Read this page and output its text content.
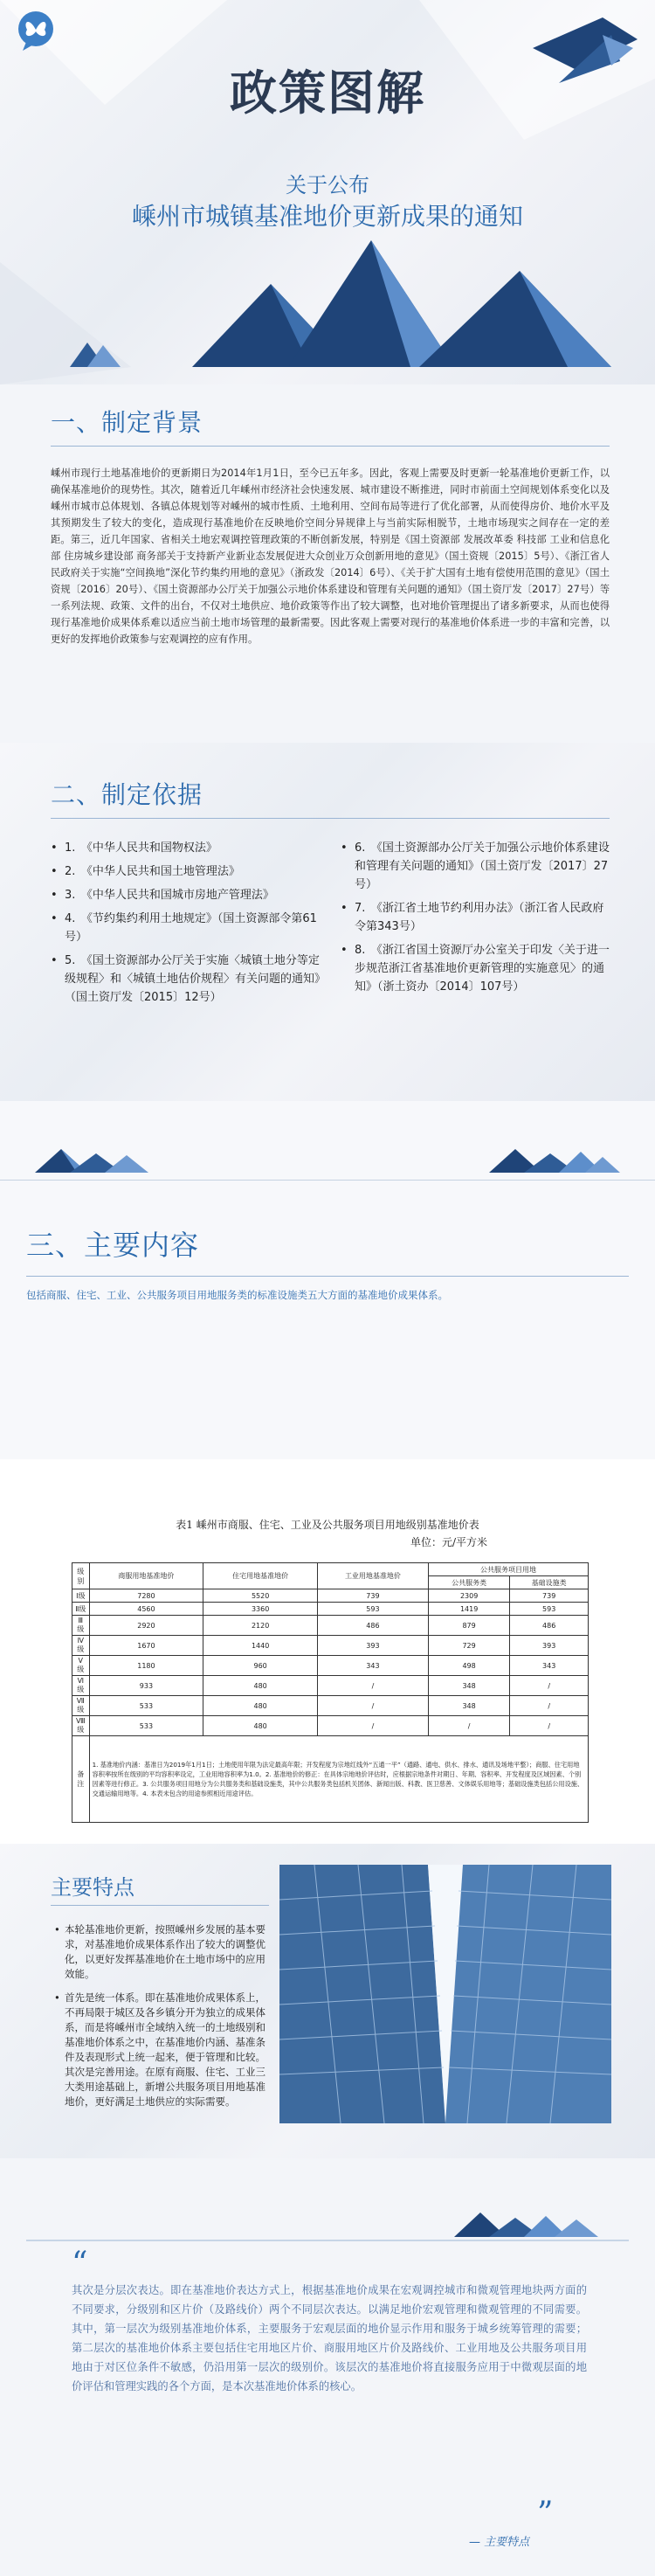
政策图解
关于公布
嵊州市城镇基准地价更新成果的通知
一、制定背景
嵊州市现行土地基准地价的更新期日为2014年1月1日，至今已五年多。因此，客观上需要及时更新一轮基准地价更新工作，以确保基准地价的现势性。其次，随着近几年嵊州市经济社会快速发展、城市建设不断推进，同时市前面土空间规划体系变化以及嵊州市城市总体规划、各镇总体规划等对嵊州的城市性质、土地利用、空间布局等进行了优化部署，从而使得房价、地价水平及其预期发生了较大的变化，造成现行基准地价在反映地价空间分异规律上与当前实际相脱节，土地市场现实之间存在一定的差距。第三，近几年国家、省相关土地宏观调控管理政策的不断创新发展，特别是《国土资源部 发展改革委 科技部 工业和信息化部 住房城乡建设部 商务部关于支持新产业新业态发展促进大众创业万众创新用地的意见》（国土资规〔2015〕5号）、《浙江省人民政府关于实施“空间换地”深化节约集约用地的意见》（浙政发〔2014〕6号）、《关于扩大国有土地有偿使用范围的意见》（国土资规〔2016〕20号）、《国土资源部办公厅关于加强公示地价体系建设和管理有关问题的通知》（国土资厅发〔2017〕27号）等一系列法规、政策、文件的出台，不仅对土地供应、地价政策等作出了较大调整，也对地价管理提出了诸多新要求，从而也使得现行基准地价成果体系难以适应当前土地市场管理的最新需要。因此客观上需要对现行的基准地价体系进一步的丰富和完善，以更好的发挥地价政策参与宏观调控的应有作用。
二、制定依据
• 1.　《中华人民共和国物权法》
• 2.　《中华人民共和国土地管理法》
• 3.　《中华人民共和国城市房地产管理法》
• 4.　《节约集约利用土地规定》（国土资源部令第61号）
• 5.　《国土资源部办公厅关于实施〈城镇土地分等定级规程〉和〈城镇土地估价规程〉有关问题的通知》（国土资厅发〔2015〕12号）
• 6.　《国土资源部办公厅关于加强公示地价体系建设和管理有关问题的通知》（国土资厅发〔2017〕27号）
• 7.　《浙江省土地节约利用办法》（浙江省人民政府令第343号）
• 8.　《浙江省国土资源厅办公室关于印发〈关于进一步规范浙江省基准地价更新管理的实施意见〉的通知》（浙土资办〔2014〕107号）
三、主要内容
包括商服、住宅、工业、公共服务项目用地服务类的标准设施类五大方面的基准地价成果体系。
表1 嵊州市商服、住宅、工业及公共服务项目用地级别基准地价表
单位：元/平方米
级别	商服用地基准地价	住宅用地基准地价	工业用地基准地价	公共服务项目用地	
				公共服务类	基础设施类
Ⅰ级	7280	5520	739	2309	739
Ⅱ级	4560	3360	593	1419	593
Ⅲ级	2920	2120	486	879	486
Ⅳ级	1670	1440	393	729	393
Ⅴ级	1180	960	343	498	343
Ⅵ级	933	480	/	348	/
Ⅶ级	533	480	/	348	/
Ⅷ级	533	480	/	/	/
备注	1. 基准地价内涵：基准日为2019年1月1日；土地使用年限为法定最高年限；开发程度为宗地红线外“五通一平”（通路、通电、供水、排水、通讯及场地平整）；商服、住宅用地容积率按所在级别的平均容积率设定，工业用地容积率为1.0。2. 基准地价的修正：在具体宗地地价评估时，应根据宗地条件对期日、年期、容积率、开发程度及区域因素、个别因素等进行修正。3. 公共服务项目用地分为公共服务类和基础设施类，其中公共服务类包括机关团体、新闻出版、科教、医卫慈善、文体娱乐用地等；基础设施类包括公用设施、交通运输用地等。4. 本表未包含的用途参照相近用途评估。				
主要特点
• 本轮基准地价更新，按照嵊州乡发展的基本要求，对基准地价成果体系作出了较大的调整优化，以更好发挥基准地价在土地市场中的应用效能。
• 首先是统一体系。即在基准地价成果体系上，不再局限于城区及各乡镇分开为独立的成果体系，而是将嵊州市全域纳入统一的土地级别和基准地价体系之中，在基准地价内涵、基准条件及表现形式上统一起来，便于管理和比较。其次是完善用途。在原有商服、住宅、工业三大类用途基础上，新增公共服务项目用地基准地价，更好满足土地供应的实际需要。
“
其次是分层次表达。即在基准地价表达方式上，根据基准地价成果在宏观调控城市和微观管理地块两方面的不同要求，分级别和区片价（及路线价）两个不同层次表达。以满足地价宏观管理和微观管理的不同需要。其中，第一层次为级别基准地价体系，主要服务于宏观层面的地价显示作用和服务于城乡统筹管理的需要；第二层次的基准地价体系主要包括住宅用地区片价、商服用地区片价及路线价、工业用地及公共服务项目用地由于对区位条件不敏感，仍沿用第一层次的级别价。该层次的基准地价将直接服务应用于中微观层面的地价评估和管理实践的各个方面，是本次基准地价体系的核心。
”
— 主要特点
